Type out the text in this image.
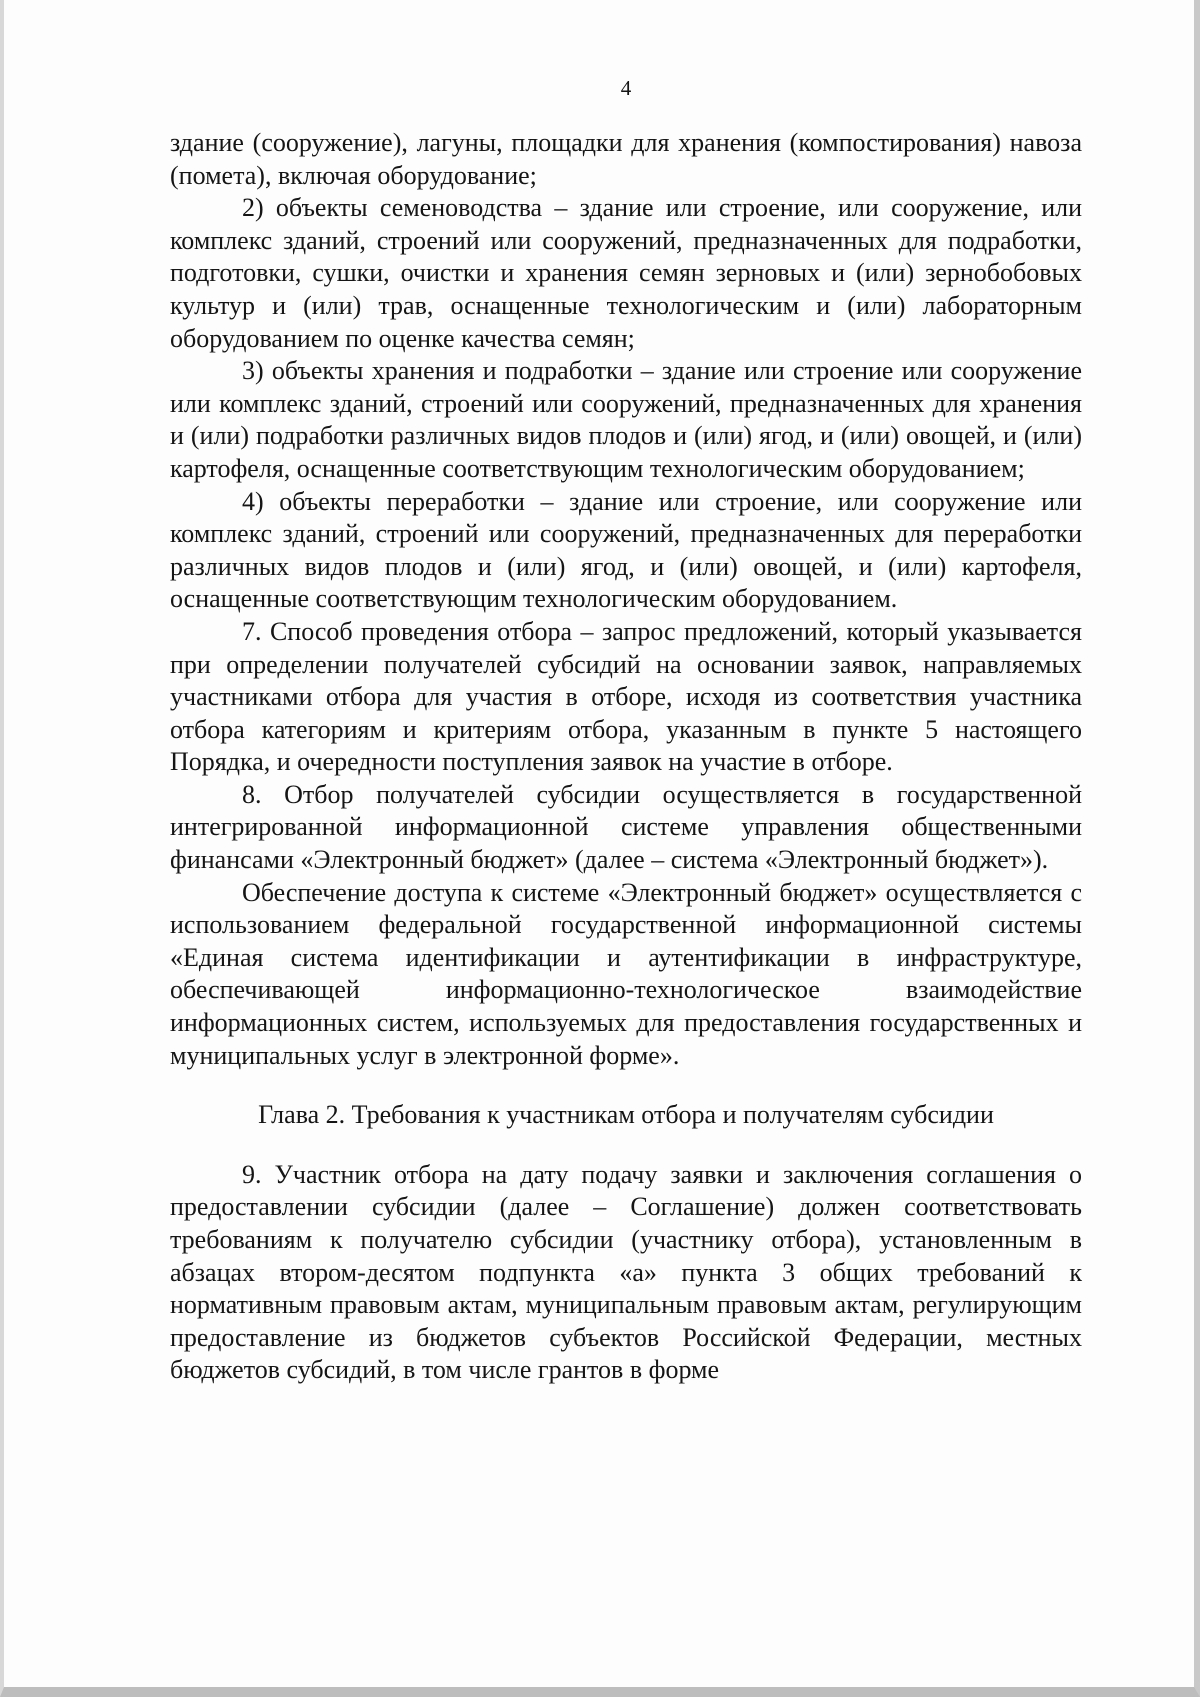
4

здание (сооружение), лагуны, площадки для хранения (компостирования) навоза (помета), включая оборудование;

2) объекты семеноводства – здание или строение, или сооружение, или комплекс зданий, строений или сооружений, предназначенных для подработки, подготовки, сушки, очистки и хранения семян зерновых и (или) зернобобовых культур и (или) трав, оснащенные технологическим и (или) лабораторным оборудованием по оценке качества семян;

3) объекты хранения и подработки – здание или строение или сооружение или комплекс зданий, строений или сооружений, предназначенных для хранения и (или) подработки различных видов плодов и (или) ягод, и (или) овощей, и (или) картофеля, оснащенные соответствующим технологическим оборудованием;

4) объекты переработки – здание или строение, или сооружение или комплекс зданий, строений или сооружений, предназначенных для переработки различных видов плодов и (или) ягод, и (или) овощей, и (или) картофеля, оснащенные соответствующим технологическим оборудованием.

7. Способ проведения отбора – запрос предложений, который указывается при определении получателей субсидий на основании заявок, направляемых участниками отбора для участия в отборе, исходя из соответствия участника отбора категориям и критериям отбора, указанным в пункте 5 настоящего Порядка, и очередности поступления заявок на участие в отборе.

8. Отбор получателей субсидии осуществляется в государственной интегрированной информационной системе управления общественными финансами «Электронный бюджет» (далее – система «Электронный бюджет»).

Обеспечение доступа к системе «Электронный бюджет» осуществляется с использованием федеральной государственной информационной системы «Единая система идентификации и аутентификации в инфраструктуре, обеспечивающей информационно-технологическое взаимодействие информационных систем, используемых для предоставления государственных и муниципальных услуг в электронной форме».

Глава 2. Требования к участникам отбора и получателям субсидии

9. Участник отбора на дату подачу заявки и заключения соглашения о предоставлении субсидии (далее – Соглашение) должен соответствовать требованиям к получателю субсидии (участнику отбора), установленным в абзацах втором-десятом подпункта «а» пункта 3 общих требований к нормативным правовым актам, муниципальным правовым актам, регулирующим предоставление из бюджетов субъектов Российской Федерации, местных бюджетов субсидий, в том числе грантов в форме
